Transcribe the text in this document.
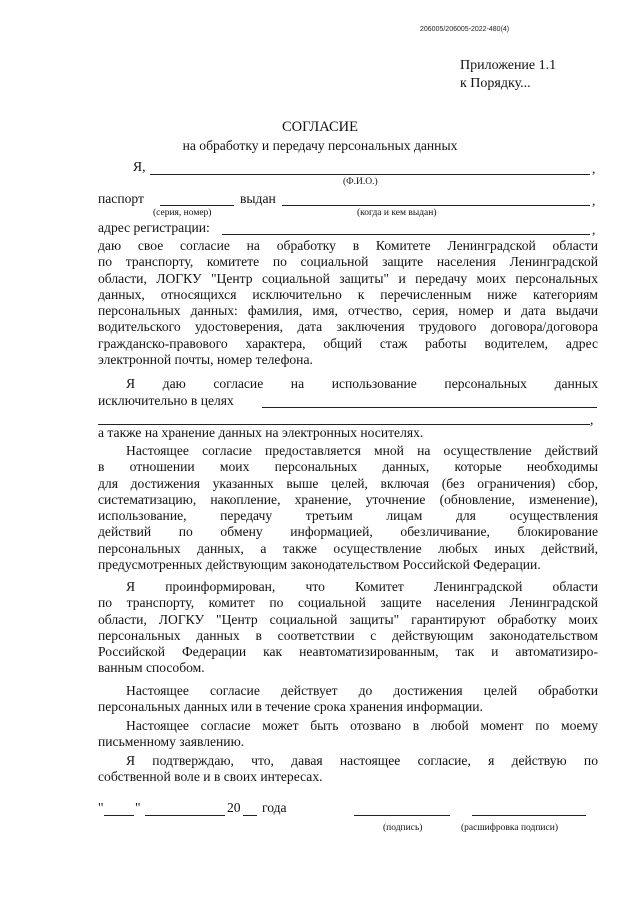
206005/206005-2022-480(4)
Приложение 1.1
к Порядку...
СОГЛАСИЕ
на обработку и передачу персональных данных
Я,	,
(Ф.И.О.)
паспорт	выдан	,
(серия, номер)	(когда и кем выдан)
адрес регистрации:	,
даю свое согласие на обработку в Комитете Ленинградской области
по транспорту, комитете по социальной защите населения Ленинградской
области, ЛОГКУ "Центр социальной защиты" и передачу моих персональных
данных, относящихся исключительно к перечисленным ниже категориям
персональных данных: фамилия, имя, отчество, серия, номер и дата выдачи
водительского удостоверения, дата заключения трудового договора/договора
гражданско-правового характера, общий стаж работы водителем, адрес
электронной почты, номер телефона.
Я даю согласие на использование персональных данных
исключительно в целях
,
а также на хранение данных на электронных носителях.
Настоящее согласие предоставляется мной на осуществление действий
в отношении моих персональных данных, которые необходимы
для достижения указанных выше целей, включая (без ограничения) сбор,
систематизацию, накопление, хранение, уточнение (обновление, изменение),
использование, передачу третьим лицам для осуществления
действий по обмену информацией, обезличивание, блокирование
персональных данных, а также осуществление любых иных действий,
предусмотренных действующим законодательством Российской Федерации.
Я проинформирован, что Комитет Ленинградской области
по транспорту, комитет по социальной защите населения Ленинградской
области, ЛОГКУ "Центр социальной защиты" гарантируют обработку моих
персональных данных в соответствии с действующим законодательством
Российской Федерации как неавтоматизированным, так и автоматизиро-
ванным способом.
Настоящее согласие действует до достижения целей обработки
персональных данных или в течение срока хранения информации.
Настоящее согласие может быть отозвано в любой момент по моему
письменному заявлению.
Я подтверждаю, что, давая настоящее согласие, я действую по
собственной воле и в своих интересах.
" "	20 года
(подпись)	(расшифровка подписи)
